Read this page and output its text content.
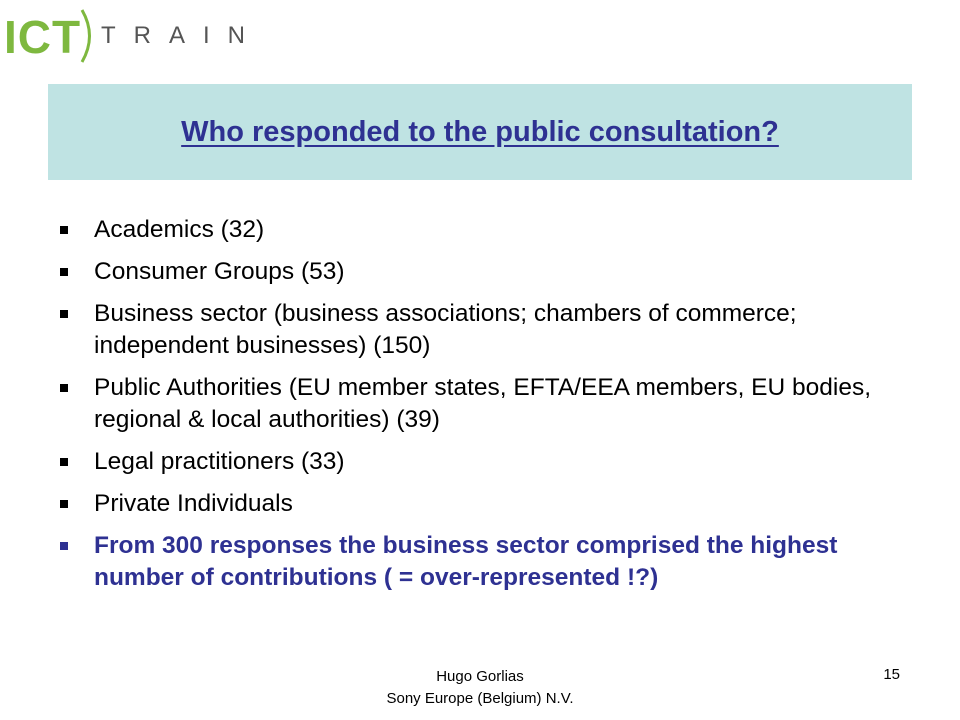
ICT TRAIN
Who responded to the public consultation?
Academics (32)
Consumer Groups (53)
Business sector (business associations; chambers of commerce; independent businesses) (150)
Public Authorities (EU member states, EFTA/EEA members, EU bodies, regional & local authorities) (39)
Legal practitioners (33)
Private Individuals
From 300 responses the business sector comprised the highest number of contributions ( = over-represented !?)
Hugo Gorlias
Sony Europe (Belgium) N.V.
15
